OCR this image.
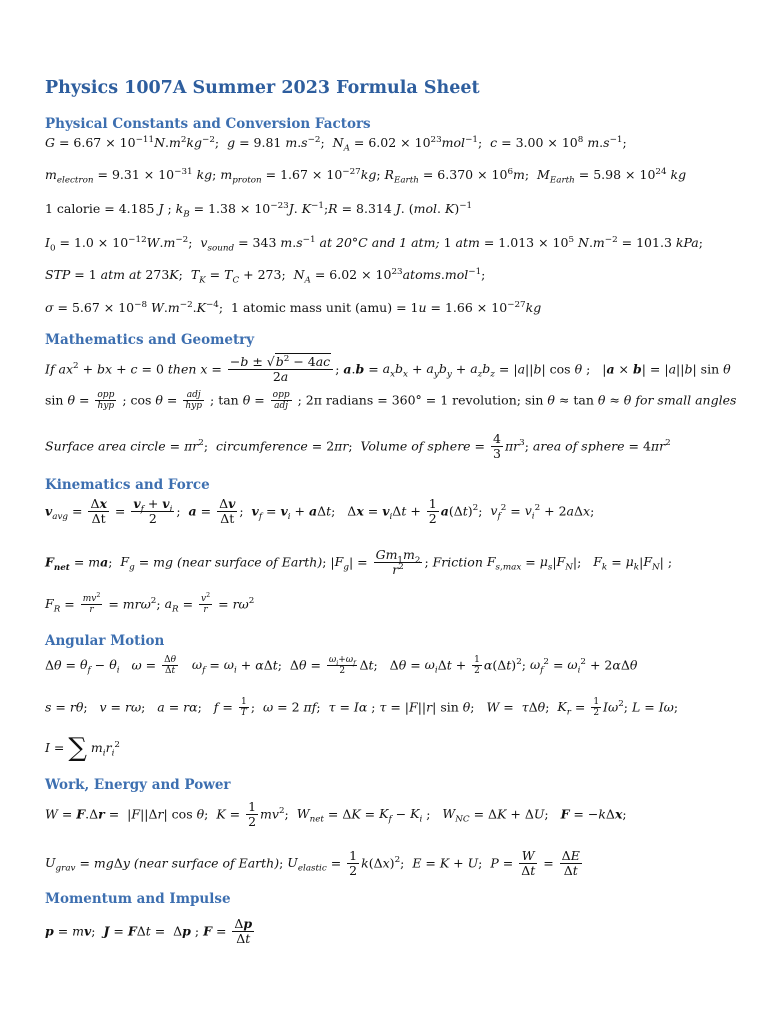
Physics 1007A Summer 2023 Formula Sheet
Physical Constants and Conversion Factors
$G = 6.67 \times 10^{-11}N.m^2kg^{-2}$;  g = 9.81 $m.s^{-2}$;  $N_A = 6.02 \times 10^{23}mol^{-1}$;  $c = 3.00 \times 10^8$ $m.s^{-1}$;
$m_{electron} = 9.31 \times 10^{-31}$ kg; $m_{proton} = 1.67 \times 10^{-27}kg$; $R_{Earth} = 6.370 \times 10^6m$;  $M_{Earth} = 5.98 \times 10^{24}$ kg
1 calorie = 4.185 J ; $k_B = 1.38 \times 10^{-23}J$. $K^{-1};R = 8.314$ J. (mol. K)$^{-1}$
$I_0 = 1.0 \times 10^{-12}W.m^{-2}$;  $v_{sound} = 343$ $m.s^{-1}$ at 20°C and 1 atm; 1 atm = $1.013 \times 10^5$ $N.m^{-2} = 101.3$ kPa;
STP = 1 atm at 273K;  $T_K = T_C + 273$;  $N_A = 6.02$ × $10^{23}atoms.mol^{-1}$;
$\sigma = 5.67 \times 10^{-8}$ $W.m^{-2}.K^{-4}$;  1 atomic mass unit $(amu) = 1u = 1.66 \times 10^{-27}kg$
Mathematics and Geometry
If $ax^2$ + bx + c = 0 then $x = \frac{-b \pm √b^2 - 4ac}{2a}$ ; $a.b = a_xb_x + a_yb_y + a_zb_z = |a||b|$ cos θ ;   |a × b| = |a||b| sin θ
$\sin \theta = \frac{\text{opp}}{\text{hyp}}$ ; $\cos \theta = \frac{\text{adj}}{\text{hyp}}$ ; $\tan \theta = \frac{\text{opp}}{\text{adj}}$ ; 2π radians = 360° = 1 revolution; sin θ ≈ tan θ ≈ θ for small angles
Surface area circle = $\pi r^2$;  circumference = 2πr;  Volume of sphere = $\frac{4}{3} \pi r^3$; area of sphere = $4\pi r^2$
Kinematics and Force
$v_{avg} = \frac{\Delta x}{\Delta t} = \frac{v_f + v_i}{2}$ ;  $a = \frac{\Delta v}{\Delta t}$ ;  $v_f = v_i + a\Delta t$;   $\Delta x = v_i\Delta t + \frac{1}{2} a(\Delta t)^2$;  $v_f^2 = v_i^2 + 2a\Delta x$;
$F_{net}$ = ma;  $F_g$ = mg (near surface of Earth); $|F_g| = \frac{Gm_1m_2}{r^2}$ ; Friction $F_{s,max} = \mu_s|F_N|$;   $F_k = \mu_k|F_N|$ ;
$F_R = \frac{mv^2}{r} = mr\omega^2$; $a_R = \frac{v^2}{r} = r\omega^2$
Angular Motion
$\Delta\theta = \theta_f - \theta_i$ $\omega = \frac{\Delta\theta}{\Delta t} \omega_f = \omega_i + \alpha\Delta t$;  $\Delta\theta = \frac{\omega_i+\omega_f}{2} \Delta t$;   $\Delta\theta = \omega_i\Delta t + \frac{1}{2} \alpha(\Delta t)^2$; $\omega_f^2 = \omega_i^2 + 2\alpha\Delta\theta$
s = rθ;   v = rω;   a = rα;   $f = \frac{1}{T}$ ;  ω = 2 πf;  τ = Iα ; τ = |F||r| sin θ;   W =  τΔθ;  $K_r = \frac{1}{2} I\omega^2$; L = Iω;
I = ∑ $m_ir_i^2$
Work, Energy and Power
W = F.Δr =  |F||Δr| cos θ;  $K = \frac{1}{2} mv^2$;  $W_{net} = \Delta K = K_f - K_i$ ;   $W_{NC} = \Delta K + \Delta U$;   F = −kΔx;
$U_{grav} = mg\Delta y$ (near surface of Earth); $U_{elastic} = \frac{1}{2} k(\Delta x)^2$;  E = K + U;  $P = \frac{W}{\Delta t} = \frac{\Delta E}{\Delta t}$
Momentum and Impulse
p = mv;  J = FΔt =  Δp ; $F = \frac{\Delta p}{\Delta t}$
